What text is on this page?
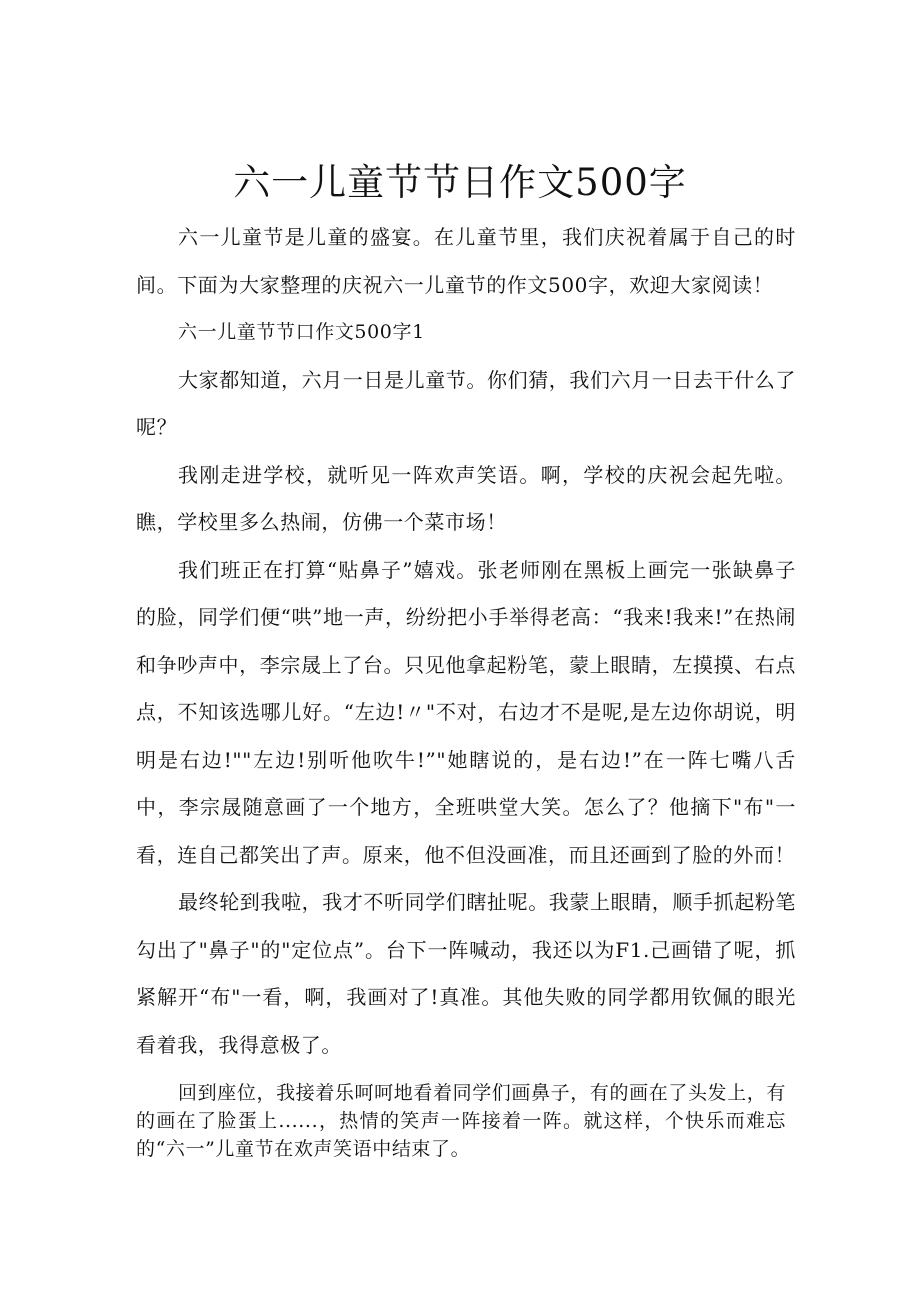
六一儿童节节日作文500字

六一儿童节是儿童的盛宴。在儿童节里，我们庆祝着属于自己的时间。下面为大家整理的庆祝六一儿童节的作文500字，欢迎大家阅读！

六一儿童节节口作文500字1

大家都知道，六月一日是儿童节。你们猜，我们六月一日去干什么了呢？

我刚走进学校，就听见一阵欢声笑语。啊，学校的庆祝会起先啦。瞧，学校里多么热闹，仿佛一个菜市场！

我们班正在打算“贴鼻子”嬉戏。张老师刚在黑板上画完一张缺鼻子的脸，同学们便“哄”地一声，纷纷把小手举得老高：“我来!我来!”在热闹和争吵声中，李宗晟上了台。只见他拿起粉笔，蒙上眼睛，左摸摸、右点点，不知该选哪儿好。“左边!〃"不对，右边才不是呢,是左边你胡说，明明是右边!""左边!别听他吹牛!”"她瞎说的，是右边!”在一阵七嘴八舌中，李宗晟随意画了一个地方，全班哄堂大笑。怎么了？他摘下"布"一看，连自己都笑出了声。原来，他不但没画准，而且还画到了脸的外而！

最终轮到我啦，我才不听同学们瞎扯呢。我蒙上眼睛，顺手抓起粉笔勾出了"鼻子"的"定位点”。台下一阵喊动，我还以为F1.己画错了呢，抓紧解开“布"一看，啊，我画对了!真准。其他失败的同学都用钦佩的眼光看着我，我得意极了。

回到座位，我接着乐呵呵地看着同学们画鼻子，有的画在了头发上，有的画在了脸蛋上......，热情的笑声一阵接着一阵。就这样，个快乐而难忘的“六一”儿童节在欢声笑语中结束了。
